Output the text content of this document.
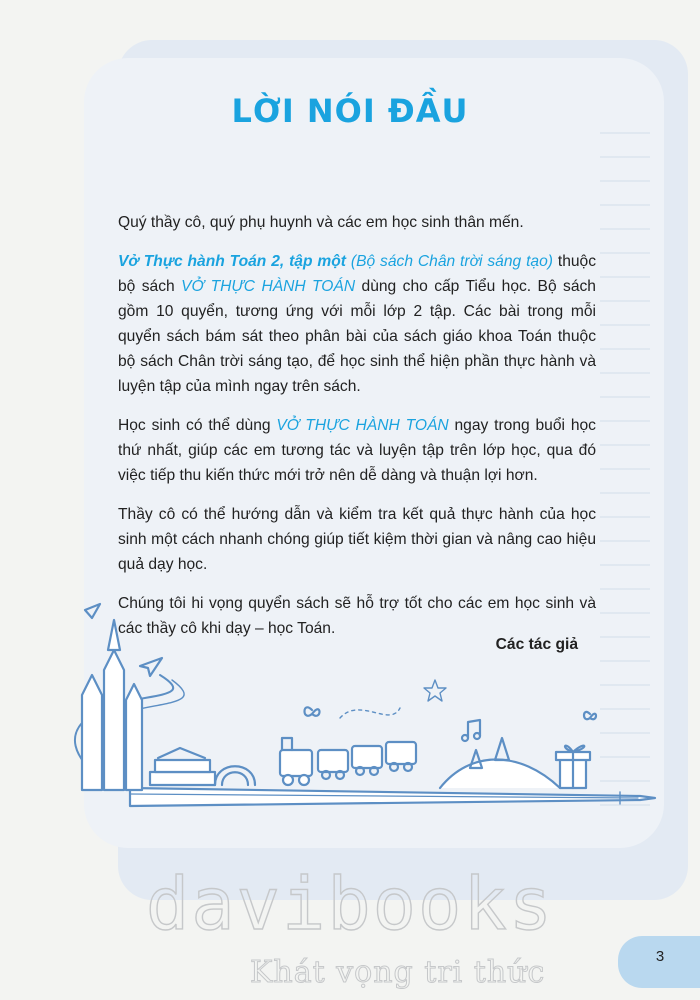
LỜI NÓI ĐẦU

Quý thầy cô, quý phụ huynh và các em học sinh thân mến.

Vở Thực hành Toán 2, tập một (Bộ sách Chân trời sáng tạo) thuộc bộ sách VỞ THỰC HÀNH TOÁN dùng cho cấp Tiểu học. Bộ sách gồm 10 quyển, tương ứng với mỗi lớp 2 tập. Các bài trong mỗi quyển sách bám sát theo phân bài của sách giáo khoa Toán thuộc bộ sách Chân trời sáng tạo, để học sinh thể hiện phần thực hành và luyện tập của mình ngay trên sách.

Học sinh có thể dùng VỞ THỰC HÀNH TOÁN ngay trong buổi học thứ nhất, giúp các em tương tác và luyện tập trên lớp học, qua đó việc tiếp thu kiến thức mới trở nên dễ dàng và thuận lợi hơn.

Thầy cô có thể hướng dẫn và kiểm tra kết quả thực hành của học sinh một cách nhanh chóng giúp tiết kiệm thời gian và nâng cao hiệu quả dạy học.

Chúng tôi hi vọng quyển sách sẽ hỗ trợ tốt cho các em học sinh và các thầy cô khi dạy – học Toán.

Các tác giả
davibooks
Khát vọng tri thức	3
